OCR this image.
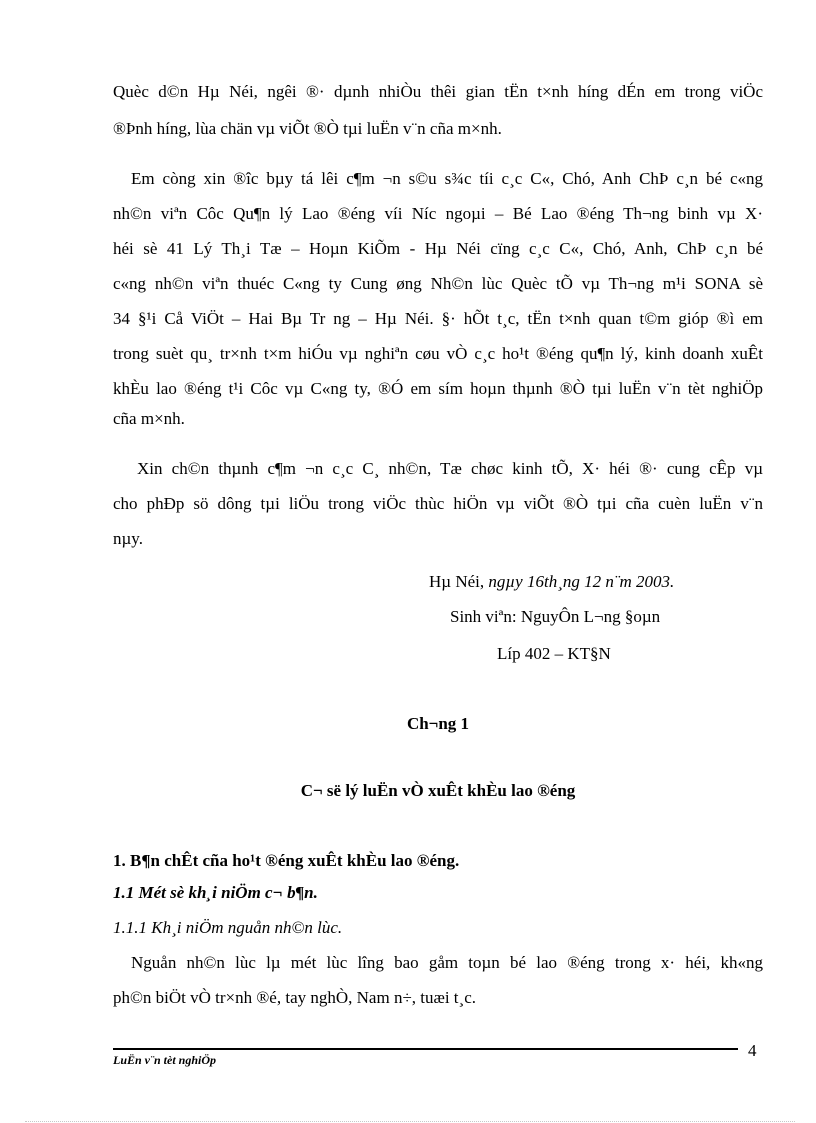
Quèc d©n Hµ Néi, ngêi ®· dµnh nhiÒu thêi gian tËn t×nh híng dÉn em trong viÖc
®Þnh híng, lùa chän vµ viÕt ®Ò tµi luËn v¨n cña m×nh.
Em còng xin ®îc bµy tá lêi c¶m ¬n s©u s¾c tíi c¸c C«, Chó, Anh ChÞ c¸n bé c«ng
nh©n viªn Côc Qu¶n lý Lao ®éng víi Níc ngoµi – Bé Lao ®éng Th¬ng binh vµ X·
héi sè 41 Lý Th¸i Tæ – Hoµn KiÕm - Hµ Néi cïng c¸c C«, Chó, Anh, ChÞ c¸n bé
c«ng nh©n viªn thuéc C«ng ty Cung øng Nh©n lùc Quèc tÕ vµ Th¬ng m¹i SONA sè
34 §¹i Cå ViÖt – Hai Bµ Tr ng – Hµ Néi. §· hÕt t¸c, tËn t×nh quan t©m gióp ®ì em
trong suèt qu¸ tr×nh t×m hiÓu vµ nghiªn cøu vÒ c¸c ho¹t ®éng qu¶n lý, kinh doanh xuÊt
khÈu lao ®éng t¹i Côc vµ C«ng ty, ®Ó em sím hoµn thµnh ®Ò tµi luËn v¨n tèt nghiÖp
cña m×nh.
Xin ch©n thµnh c¶m ¬n c¸c C¸ nh©n, Tæ chøc kinh tÕ, X· héi ®· cung cÊp vµ
cho phÐp sö dông tµi liÖu trong viÖc thùc hiÖn vµ viÕt ®Ò tµi cña cuèn luËn v¨n
nµy.
Hµ Néi, ngµy 16th¸ng 12 n¨m 2003.
Sinh viªn: NguyÔn L¬ng §oµn
Líp 402 – KT§N
Ch¬ng 1
C¬ së lý luËn vÒ xuÊt khÈu lao ®éng
1. B¶n chÊt cña ho¹t ®éng xuÊt khÈu lao ®éng.
1.1 Mét sè kh¸i niÖm c¬ b¶n.
1.1.1 Kh¸i niÖm nguån nh©n lùc.
Nguån nh©n lùc lµ mét lùc lîng bao gåm toµn bé lao ®éng trong x· héi, kh«ng
ph©n biÖt vÒ tr×nh ®é, tay nghÒ, Nam n÷, tuæi t¸c.
LuËn v¨n tèt nghiÖp	4
